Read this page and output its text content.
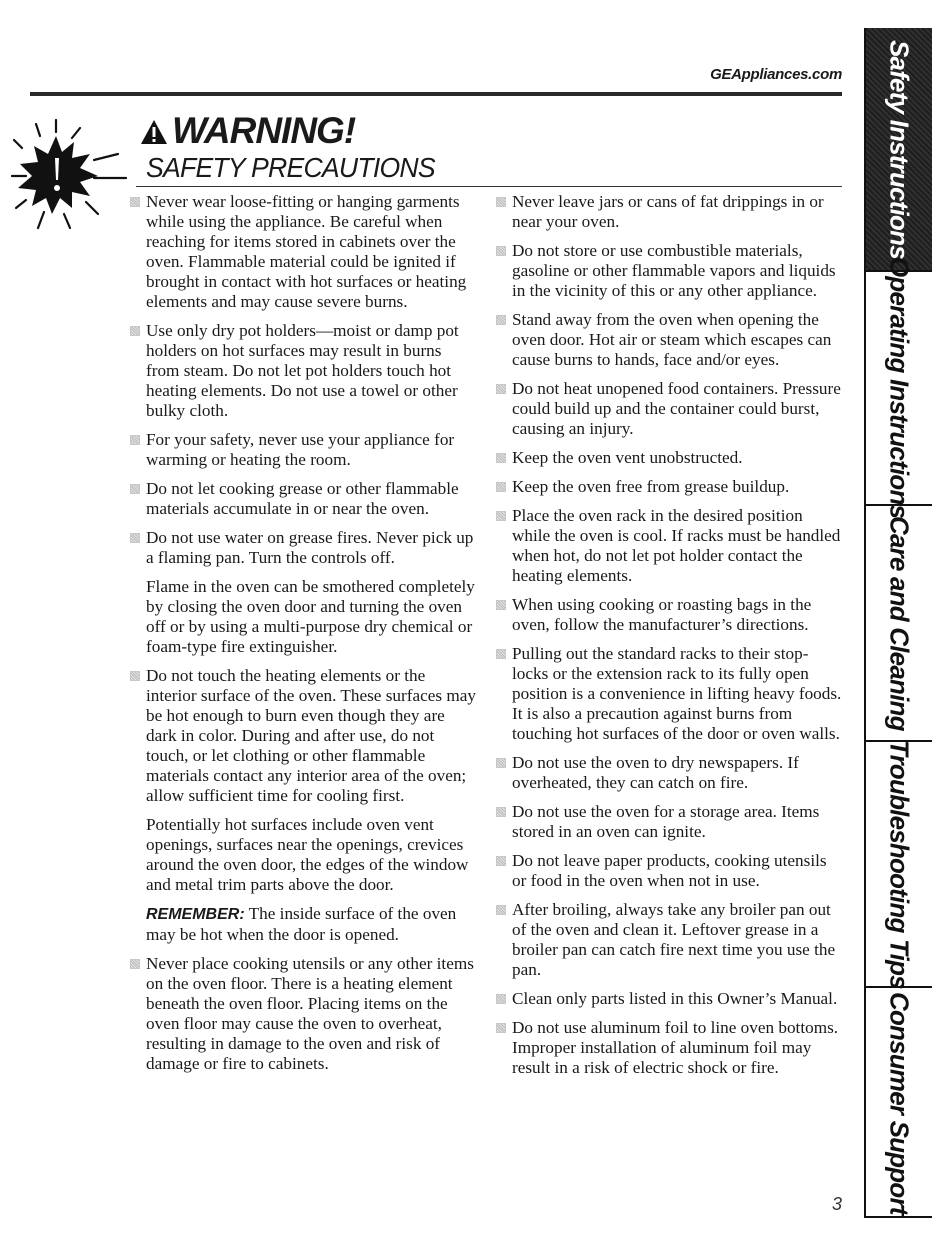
GEAppliances.com
WARNING!
SAFETY PRECAUTIONS
Never wear loose-fitting or hanging garments while using the appliance. Be careful when reaching for items stored in cabinets over the oven. Flammable material could be ignited if brought in contact with hot surfaces or heating elements and may cause severe burns.
Use only dry pot holders—moist or damp pot holders on hot surfaces may result in burns from steam. Do not let pot holders touch hot heating elements. Do not use a towel or other bulky cloth.
For your safety, never use your appliance for warming or heating the room.
Do not let cooking grease or other flammable materials accumulate in or near the oven.
Do not use water on grease fires. Never pick up a flaming pan. Turn the controls off.
Flame in the oven can be smothered completely by closing the oven door and turning the oven off or by using a multi-purpose dry chemical or foam-type fire extinguisher.
Do not touch the heating elements or the interior surface of the oven. These surfaces may be hot enough to burn even though they are dark in color. During and after use, do not touch, or let clothing or other flammable materials contact any interior area of the oven; allow sufficient time for cooling first.
Potentially hot surfaces include oven vent openings, surfaces near the openings, crevices around the oven door, the edges of the window and metal trim parts above the door.
REMEMBER: The inside surface of the oven may be hot when the door is opened.
Never place cooking utensils or any other items on the oven floor. There is a heating element beneath the oven floor. Placing items on the oven floor may cause the oven to overheat, resulting in damage to the oven and risk of damage or fire to cabinets.
Never leave jars or cans of fat drippings in or near your oven.
Do not store or use combustible materials, gasoline or other flammable vapors and liquids in the vicinity of this or any other appliance.
Stand away from the oven when opening the oven door. Hot air or steam which escapes can cause burns to hands, face and/or eyes.
Do not heat unopened food containers. Pressure could build up and the container could burst, causing an injury.
Keep the oven vent unobstructed.
Keep the oven free from grease buildup.
Place the oven rack in the desired position while the oven is cool. If racks must be handled when hot, do not let pot holder contact the heating elements.
When using cooking or roasting bags in the oven, follow the manufacturer’s directions.
Pulling out the standard racks to their stop-locks or the extension rack to its fully open position is a convenience in lifting heavy foods. It is also a precaution against burns from touching hot surfaces of the door or oven walls.
Do not use the oven to dry newspapers. If overheated, they can catch on fire.
Do not use the oven for a storage area. Items stored in an oven can ignite.
Do not leave paper products, cooking utensils or food in the oven when not in use.
After broiling, always take any broiler pan out of the oven and clean it. Leftover grease in a broiler pan can catch fire next time you use the pan.
Clean only parts listed in this Owner’s Manual.
Do not use aluminum foil to line oven bottoms. Improper installation of aluminum foil may result in a risk of electric shock or fire.
3
Safety Instructions
Operating Instructions
Care and Cleaning
Troubleshooting Tips
Consumer Support
